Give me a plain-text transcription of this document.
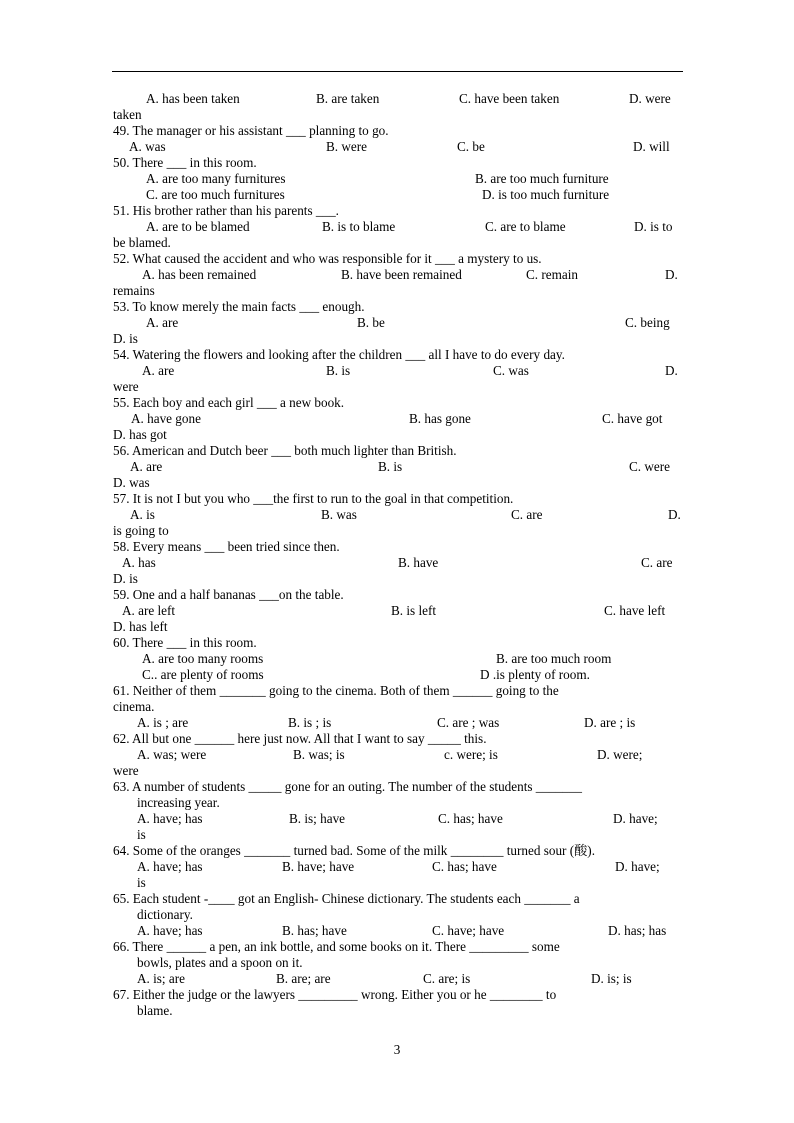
A. has been taken	B. are taken	C. have been taken	D. were
taken
49. The manager or his assistant ___ planning to go.
A. was	B. were	C. be	D. will
50. There ___ in this room.
A. are too many furnitures	B. are too much furniture
C. are too much furnitures	D. is too much furniture
51. His brother rather than his parents ___.
A. are to be blamed	B. is to blame	C. are to blame	D. is to
be blamed.
52. What caused the accident and who was responsible for it ___ a mystery to us.
A. has been remained	B. have been remained	C. remain	D.
remains
53. To know merely the main facts ___ enough.
A. are	B. be	C. being
D. is
54. Watering the flowers and looking after the children ___ all I have to do every day.
A. are	B. is	C. was	D.
were
55. Each boy and each girl ___ a new book.
A. have gone	B. has gone	C. have got
D. has got
56. American and Dutch beer ___ both much lighter than British.
A. are	B. is	C. were
D. was
57. It is not I but you who ___the first to run to the goal in that competition.
A. is	B. was	C. are	D.
is going to
58. Every means ___ been tried since then.
A. has	B. have	C. are
D. is
59. One and a half bananas ___on the table.
A. are left	B. is left	C. have left
D. has left
60. There ___ in this room.
A. are too many rooms	B. are too much room
C.. are plenty of rooms	D .is plenty of room.
61. Neither of them _______ going to the cinema. Both of them ______ going to the
cinema.
A. is ; are	B. is ; is	C. are ; was	D. are ; is
62. All but one ______ here just now. All that I want to say _____ this.
A. was; were	B. was; is	c. were; is	D. were;
were
63. A number of students _____ gone for an outing. The number of the students _______
increasing year.
A. have; has	B. is; have	C. has; have	D. have;
is
64. Some of the oranges _______ turned bad. Some of the milk ________ turned sour (酸).
A. have; has	B. have; have	C. has; have	D. have;
is
65. Each student -____ got an English- Chinese dictionary. The students each _______ a
dictionary.
A. have; has	B. has; have	C. have; have	D. has; has
66. There ______ a pen, an ink bottle, and some books on it. There _________ some
bowls, plates and a spoon on it.
A. is; are	B. are; are	C. are; is	D. is; is
67. Either the judge or the lawyers _________ wrong. Either you or he ________ to
blame.
3
